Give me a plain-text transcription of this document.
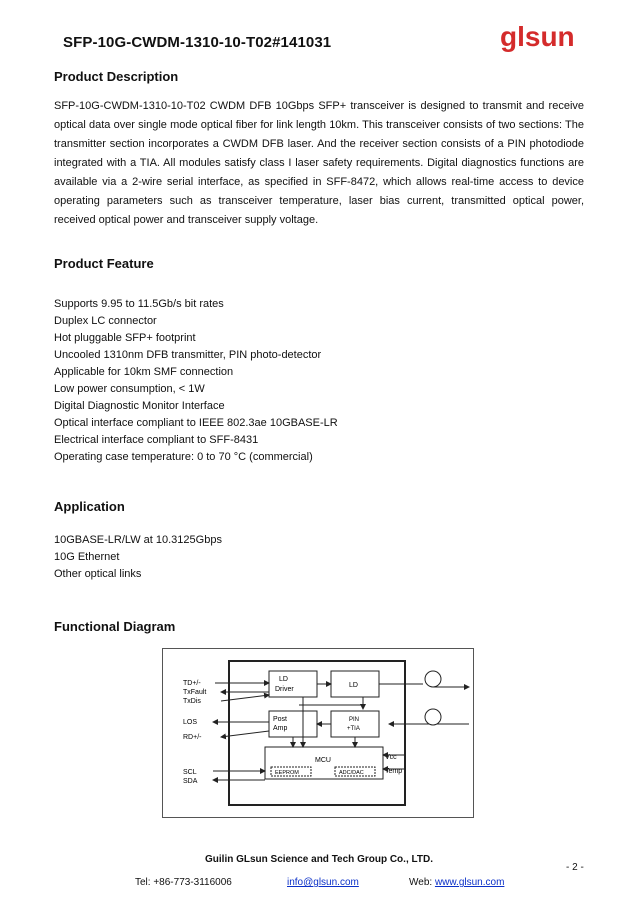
SFP-10G-CWDM-1310-10-T02#141031	glsun
Product Description
SFP-10G-CWDM-1310-10-T02 CWDM DFB 10Gbps SFP+ transceiver is designed to transmit and receive optical data over single mode optical fiber for link length 10km. This transceiver consists of two sections: The transmitter section incorporates a CWDM DFB laser. And the receiver section consists of a PIN photodiode integrated with a TIA. All modules satisfy class I laser safety requirements. Digital diagnostics functions are available via a 2-wire serial interface, as specified in SFF-8472, which allows real-time access to device operating parameters such as transceiver temperature, laser bias current, transmitted optical power, received optical power and transceiver supply voltage.
Product Feature
Supports 9.95 to 11.5Gb/s bit rates
Duplex LC connector
Hot pluggable SFP+ footprint
Uncooled 1310nm DFB transmitter, PIN photo-detector
Applicable for 10km SMF connection
Low power consumption, < 1W
Digital Diagnostic Monitor Interface
Optical interface compliant to IEEE 802.3ae 10GBASE-LR
Electrical interface compliant to SFF-8431
Operating case temperature: 0 to 70 °C (commercial)
Application
10GBASE-LR/LW at 10.3125Gbps
10G Ethernet
Other optical links
Functional Diagram
TD+/-
TxFault
TxDis
LOS
RD+/-
SCL
SDA
LD
Driver
LD
Post
Amp
PIN
+TIA
MCU
EEPROM	ADC/DAC
Vcc
Temp
Guilin GLsun Science and Tech Group Co., LTD.
- 2 -
Tel: +86-773-3116006	info@glsun.com	Web: www.glsun.com
